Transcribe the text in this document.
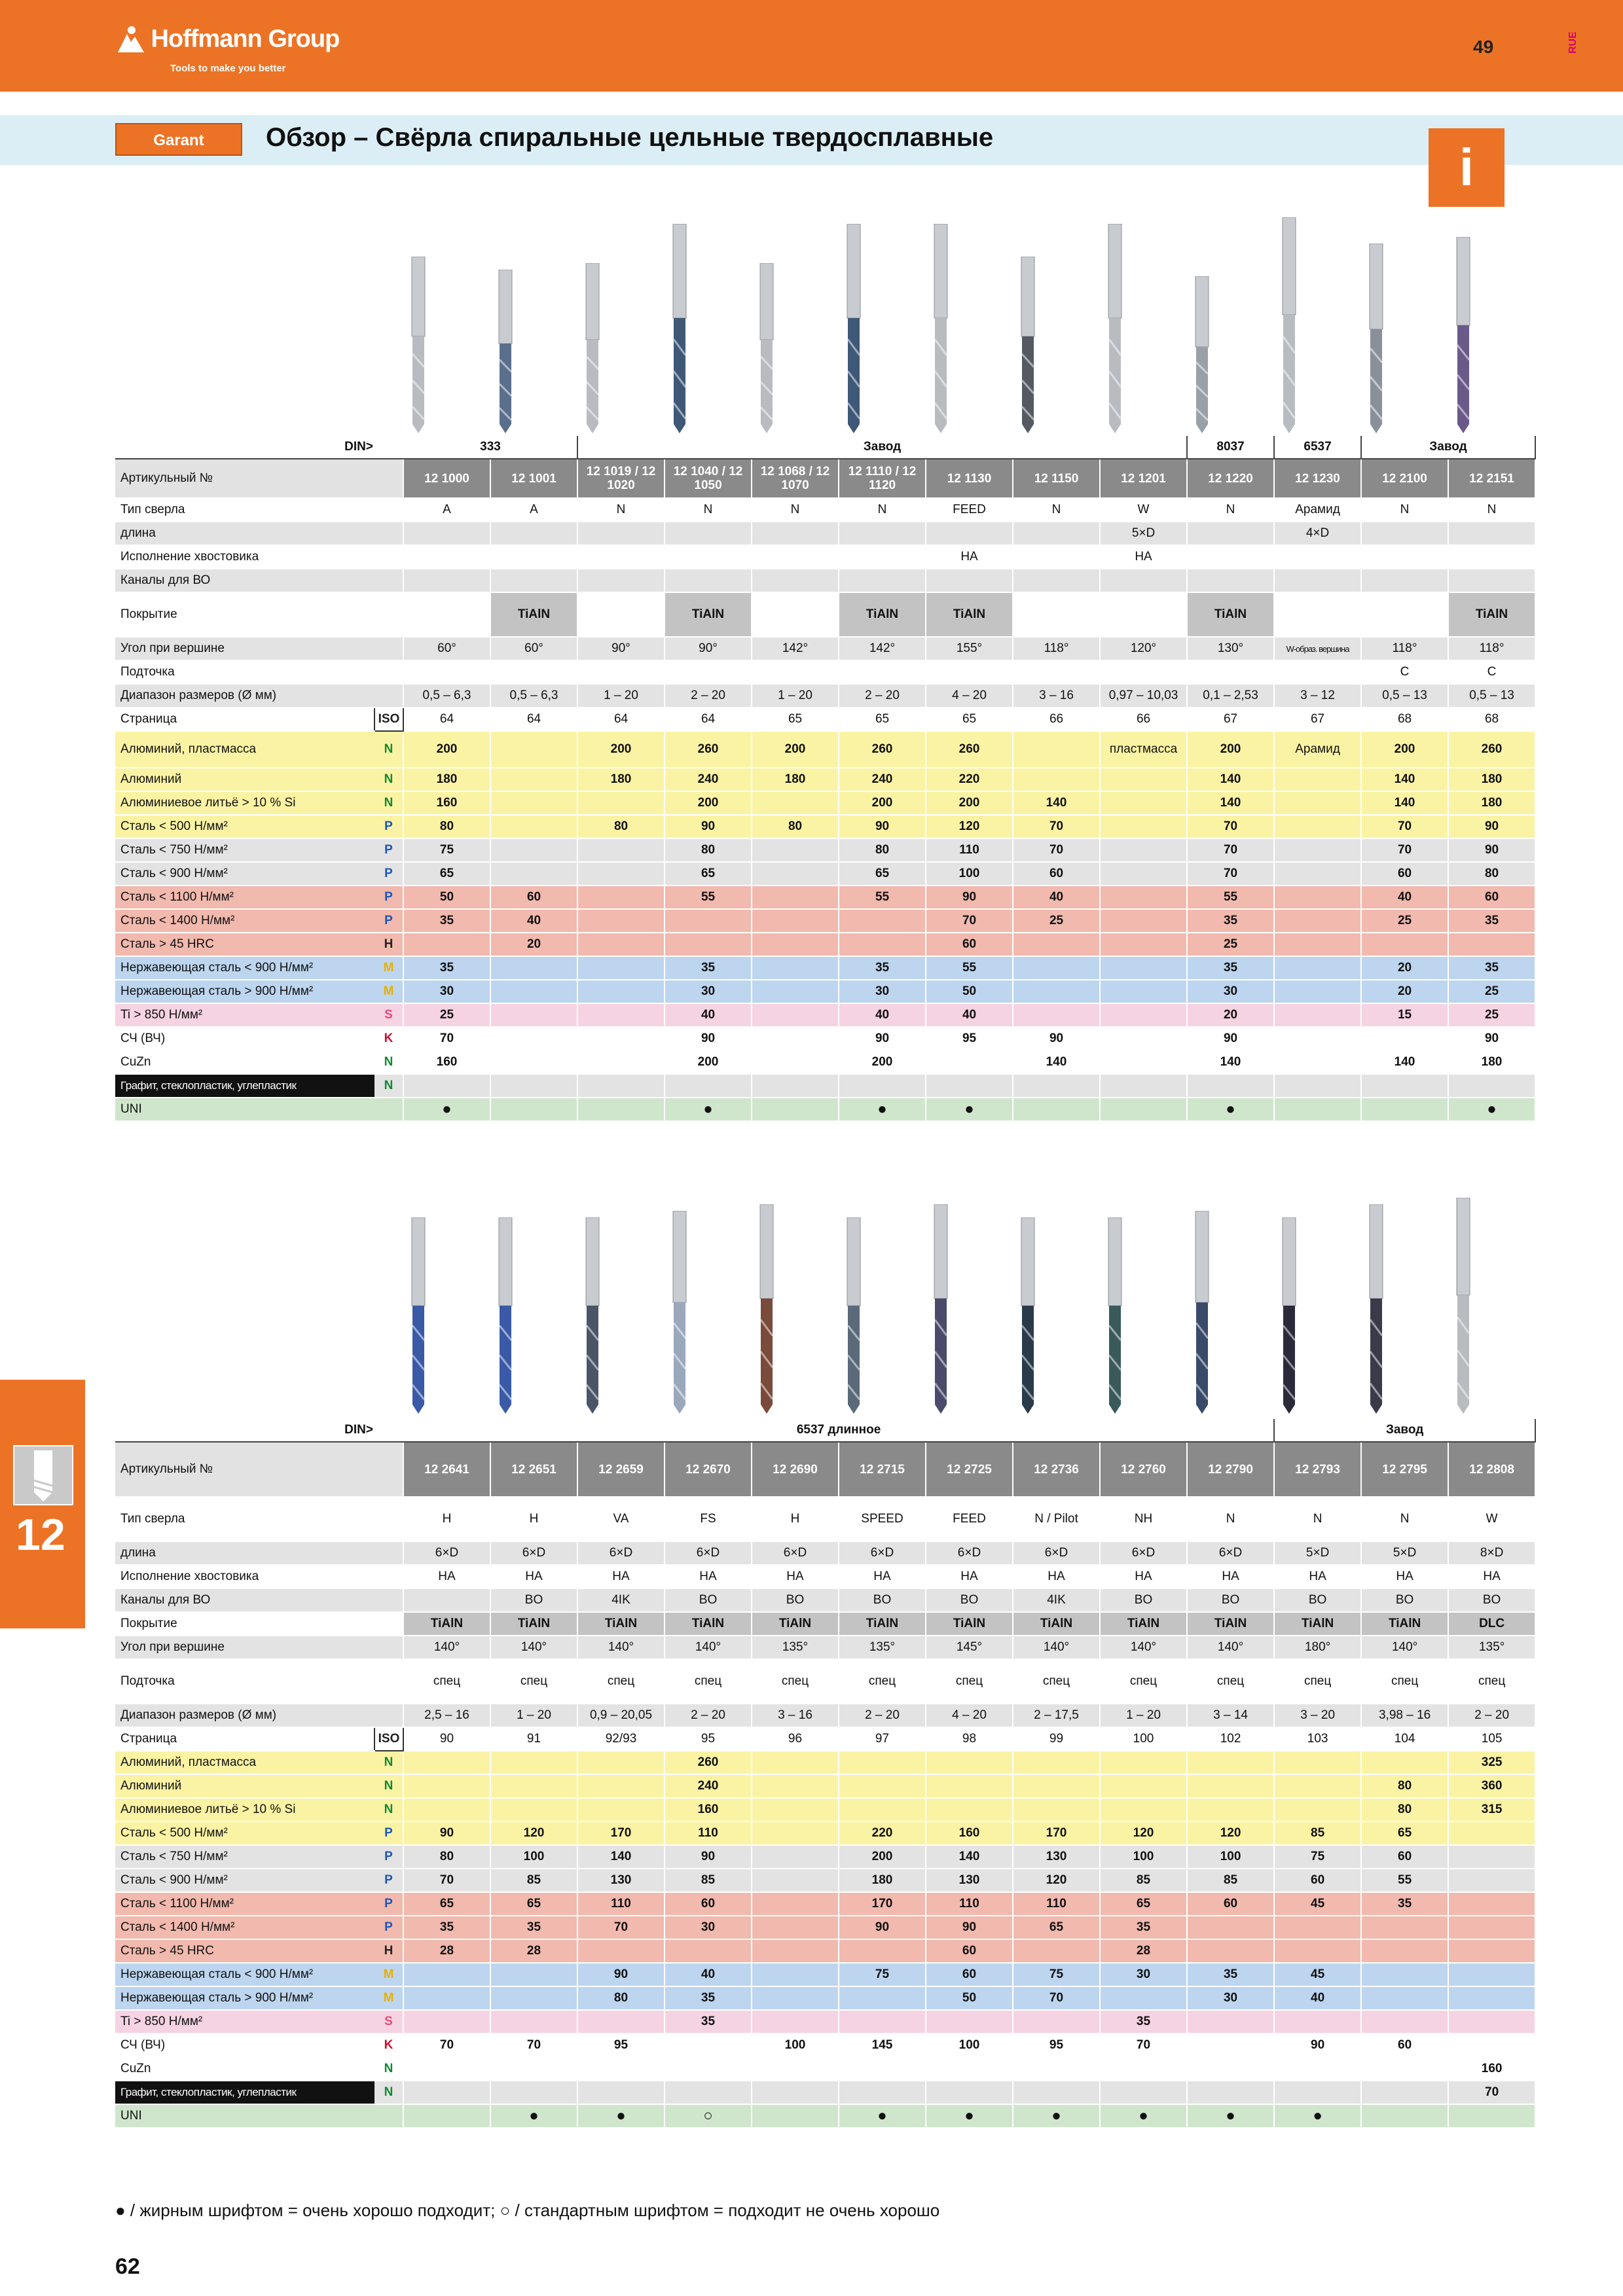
Hoffmann Group
Tools to make you better
49	RUE
Garant	Обзор – Свёрла спиральные цельные твердосплавные
i
12
DIN>		333		Завод							8037	6537	Завод	
Артикульный №		12 1000	12 1001	12 1019 / 12 1020	12 1040 / 12 1050	12 1068 / 12 1070	12 1110 / 12 1120	12 1130	12 1150	12 1201	12 1220	12 1230	12 2100	12 2151	
Тип сверла		A	A	N	N	N	N	FEED	N	W	N	Арамид	N	N	
длина										5×D		4×D			
Исполнение хвостовика								HA		HA					
Каналы для ВО															
Покрытие			TiAlN		TiAlN		TiAlN	TiAlN			TiAlN			TiAlN	
Угол при вершине		60°	60°	90°	90°	142°	142°	155°	118°	120°	130°	W-образ. вершина	118°	118°	
Подточка													C	C	
Диапазон размеров (Ø мм)		0,5 – 6,3	0,5 – 6,3	1 – 20	2 – 20	1 – 20	2 – 20	4 – 20	3 – 16	0,97 – 10,03	0,1 – 2,53	3 – 12	0,5 – 13	0,5 – 13	
Страница	ISO	64	64	64	64	65	65	65	66	66	67	67	68	68	
Алюминий, пластмасса	N	200		200	260	200	260	260		пластмасса	200	Арамид	200	260	
Алюминий	N	180		180	240	180	240	220			140		140	180	
Алюминиевое литьё > 10 % Si	N	160			200		200	200	140		140		140	180	
Сталь < 500 Н/мм²	P	80		80	90	80	90	120	70		70		70	90	
Сталь < 750 Н/мм²	P	75			80		80	110	70		70		70	90	
Сталь < 900 Н/мм²	P	65			65		65	100	60		70		60	80	
Сталь < 1100 Н/мм²	P	50	60		55		55	90	40		55		40	60	
Сталь < 1400 Н/мм²	P	35	40					70	25		35		25	35	
Сталь > 45 HRC	H		20					60			25				
Нержавеющая сталь < 900 Н/мм²	M	35			35		35	55			35		20	35	
Нержавеющая сталь > 900 Н/мм²	M	30			30		30	50			30		20	25	
Ti > 850 Н/мм²	S	25			40		40	40			20		15	25	
СЧ (ВЧ)	K	70			90		90	95	90		90			90	
CuZn	N	160			200		200		140		140		140	180	
Графит, стеклопластик, углепластик	N														
UNI		●			●		●	●			●			●	
DIN>		6537 длинное										Завод		
Артикульный №		12 2641	12 2651	12 2659	12 2670	12 2690	12 2715	12 2725	12 2736	12 2760	12 2790	12 2793	12 2795	12 2808
Тип сверла		H	H	VA	FS	H	SPEED	FEED	N / Pilot	NH	N	N	N	W
длина		6×D	6×D	6×D	6×D	6×D	6×D	6×D	6×D	6×D	6×D	5×D	5×D	8×D
Исполнение хвостовика		HA	HA	HA	HA	HA	HA	HA	HA	HA	HA	HA	HA	HA
Каналы для ВО			BO	4IK	BO	BO	BO	BO	4IK	BO	BO	BO	BO	BO
Покрытие		TiAlN	TiAlN	TiAlN	TiAlN	TiAlN	TiAlN	TiAlN	TiAlN	TiAlN	TiAlN	TiAlN	TiAlN	DLC
Угол при вершине		140°	140°	140°	140°	135°	135°	145°	140°	140°	140°	180°	140°	135°
Подточка		спец	спец	спец	спец	спец	спец	спец	спец	спец	спец	спец	спец	спец
Диапазон размеров (Ø мм)		2,5 – 16	1 – 20	0,9 – 20,05	2 – 20	3 – 16	2 – 20	4 – 20	2 – 17,5	1 – 20	3 – 14	3 – 20	3,98 – 16	2 – 20
Страница	ISO	90	91	92/93	95	96	97	98	99	100	102	103	104	105
Алюминий, пластмасса	N				260									325
Алюминий	N				240								80	360
Алюминиевое литьё > 10 % Si	N				160								80	315
Сталь < 500 Н/мм²	P	90	120	170	110		220	160	170	120	120	85	65	
Сталь < 750 Н/мм²	P	80	100	140	90		200	140	130	100	100	75	60	
Сталь < 900 Н/мм²	P	70	85	130	85		180	130	120	85	85	60	55	
Сталь < 1100 Н/мм²	P	65	65	110	60		170	110	110	65	60	45	35	
Сталь < 1400 Н/мм²	P	35	35	70	30		90	90	65	35				
Сталь > 45 HRC	H	28	28					60		28				
Нержавеющая сталь < 900 Н/мм²	M			90	40		75	60	75	30	35	45		
Нержавеющая сталь > 900 Н/мм²	M			80	35			50	70		30	40		
Ti > 850 Н/мм²	S				35					35				
СЧ (ВЧ)	K	70	70	95		100	145	100	95	70		90	60	
CuZn	N													160
Графит, стеклопластик, углепластик	N													70
UNI			●	●	○		●	●	●	●	●	●		
● / жирным шрифтом = очень хорошо подходит; ○ / стандартным шрифтом = подходит не очень хорошо
62
